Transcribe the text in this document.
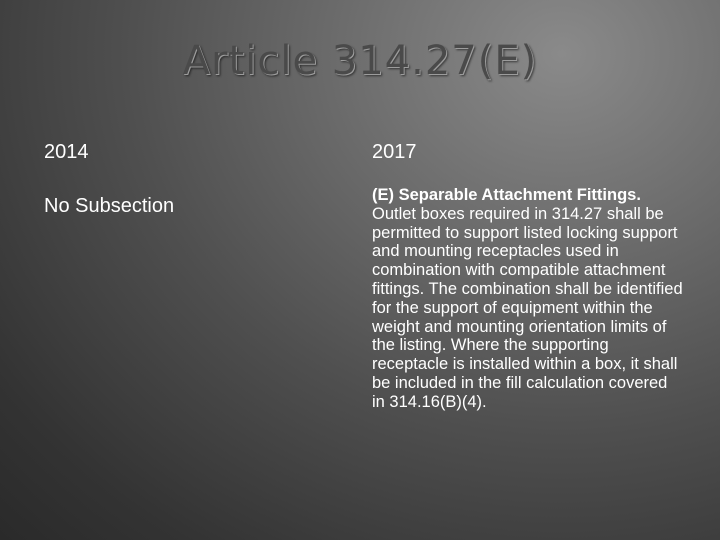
Article 314.27(E)
2014
No Subsection
2017
(E) Separable Attachment Fittings. Outlet boxes required in 314.27 shall be permitted to support listed locking support and mounting receptacles used in combination with compatible attachment fittings. The combination shall be identified for the support of equipment within the weight and mounting orientation limits of the listing. Where the supporting receptacle is installed within a box, it shall be included in the fill calculation covered in 314.16(B)(4).
